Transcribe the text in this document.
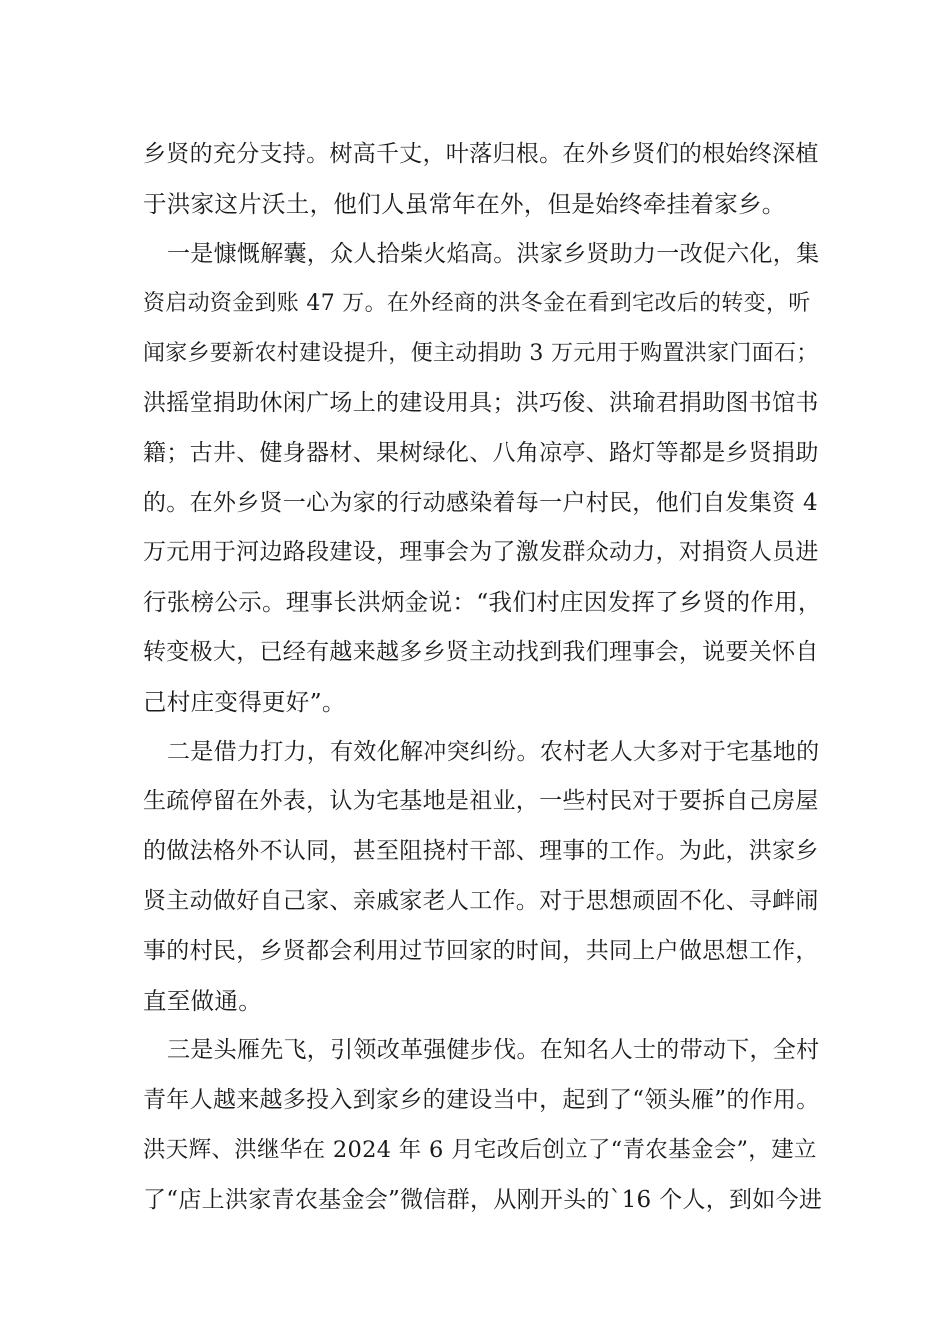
乡贤的充分支持。树高千丈，叶落归根。在外乡贤们的根始终深植
于洪家这片沃土，他们人虽常年在外，但是始终牵挂着家乡。
一是慷慨解囊，众人拾柴火焰高。洪家乡贤助力一改促六化，集
资启动资金到账 47 万。在外经商的洪冬金在看到宅改后的转变，听
闻家乡要新农村建设提升，便主动捐助 3 万元用于购置洪家门面石；
洪摇堂捐助休闲广场上的建设用具；洪巧俊、洪瑜君捐助图书馆书
籍；古井、健身器材、果树绿化、八角凉亭、路灯等都是乡贤捐助
的。在外乡贤一心为家的行动感染着每一户村民，他们自发集资 4
万元用于河边路段建设，理事会为了激发群众动力，对捐资人员进
行张榜公示。理事长洪炳金说：“我们村庄因发挥了乡贤的作用，
转变极大，已经有越来越多乡贤主动找到我们理事会，说要关怀自
己村庄变得更好”。
二是借力打力，有效化解冲突纠纷。农村老人大多对于宅基地的
生疏停留在外表，认为宅基地是祖业，一些村民对于要拆自己房屋
的做法格外不认同，甚至阻挠村干部、理事的工作。为此，洪家乡
贤主动做好自己家、亲戚家老人工作。对于思想顽固不化、寻衅闹
事的村民，乡贤都会利用过节回家的时间，共同上户做思想工作，
直至做通。
三是头雁先飞，引领改革强健步伐。在知名人士的带动下，全村
青年人越来越多投入到家乡的建设当中，起到了“领头雁”的作用。
洪天辉、洪继华在 2024 年 6 月宅改后创立了“青农基金会”，建立
了“店上洪家青农基金会”微信群，从刚开头的`16 个人，到如今进
